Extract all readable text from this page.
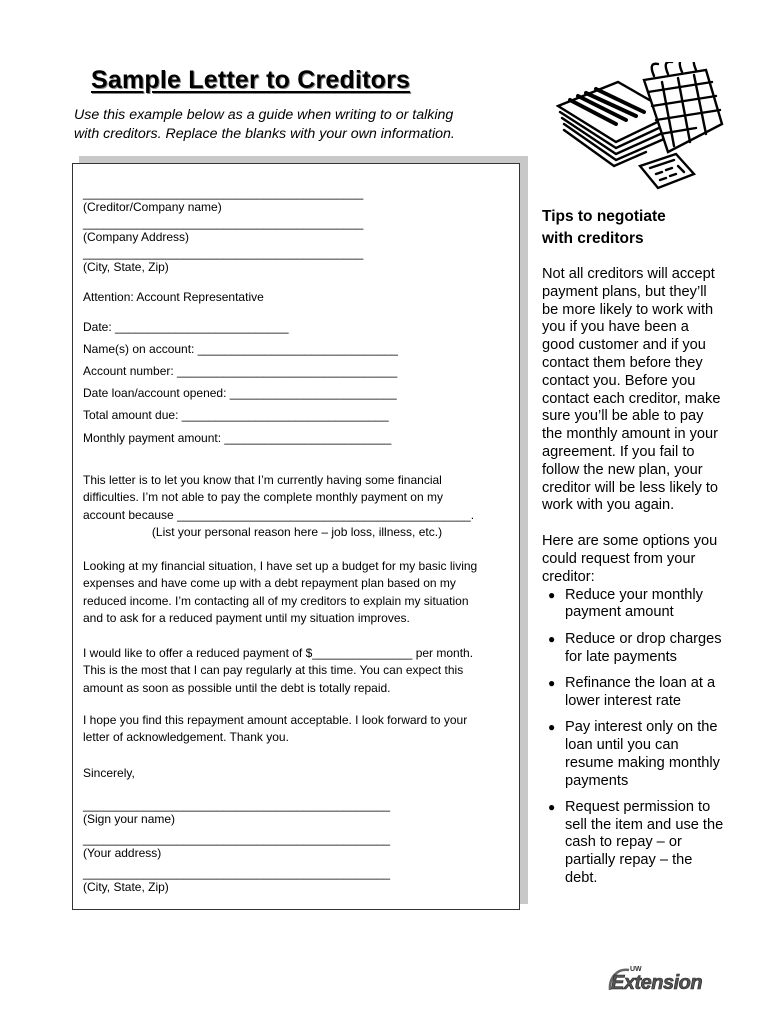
Sample Letter to Creditors
Use this example below as a guide when writing to or talking
with creditors. Replace the blanks with your own information.
__________________________________________
(Creditor/Company name)
__________________________________________
(Company Address)
__________________________________________
(City, State, Zip)
Attention: Account Representative
Date: __________________________
Name(s) on account: ______________________________
Account number: _________________________________
Date loan/account opened: _________________________
Total amount due: _______________________________
Monthly payment amount: _________________________
This letter is to let you know that I’m currently having some financial
difficulties. I’m not able to pay the complete monthly payment on my
account because ____________________________________________.
(List your personal reason here – job loss, illness, etc.)
Looking at my financial situation, I have set up a budget for my basic living
expenses and have come up with a debt repayment plan based on my
reduced income. I’m contacting all of my creditors to explain my situation
and to ask for a reduced payment until my situation improves.
I would like to offer a reduced payment of $_______________ per month.
This is the most that I can pay regularly at this time. You can expect this
amount as soon as possible until the debt is totally repaid.
I hope you find this repayment amount acceptable. I look forward to your
letter of acknowledgement. Thank you.
Sincerely,
______________________________________________
(Sign your name)
______________________________________________
(Your address)
______________________________________________
(City, State, Zip)
Tips to negotiate
with creditors
Not all creditors will accept
payment plans, but they’ll
be more likely to work with
you if you have been a
good customer and if you
contact them before they
contact you. Before you
contact each creditor, make
sure you’ll be able to pay
the monthly amount in your
agreement. If you fail to
follow the new plan, your
creditor will be less likely to
work with you again.
Here are some options you
could request from your
creditor:
● Reduce your monthly
payment amount
● Reduce or drop charges
for late payments
● Refinance the loan at a
lower interest rate
● Pay interest only on the
loan until you can
resume making monthly
payments
● Request permission to
sell the item and use the
cash to repay – or
partially repay – the
debt.
UW
Extension
